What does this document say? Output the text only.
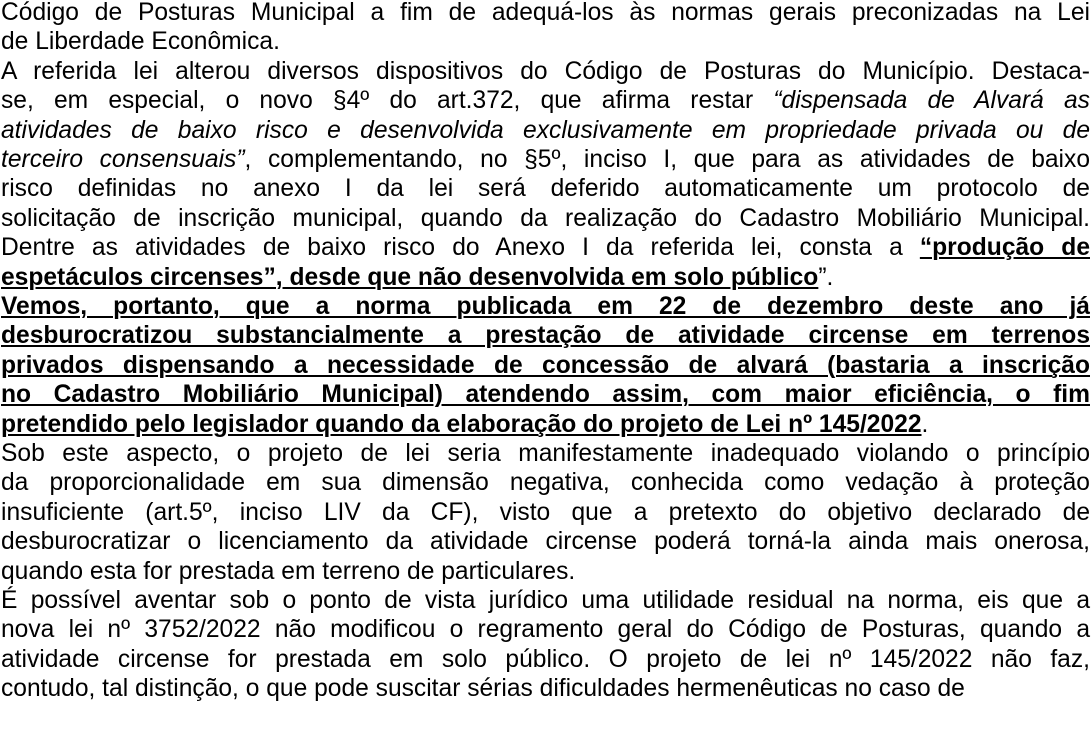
Código de Posturas Municipal a fim de adequá-los às normas gerais preconizadas na Lei
de Liberdade Econômica.
A referida lei alterou diversos dispositivos do Código de Posturas do Município. Destaca-
se, em especial, o novo §4º do art.372, que afirma restar “dispensada de Alvará as
atividades de baixo risco e desenvolvida exclusivamente em propriedade privada ou de
terceiro consensuais”, complementando, no §5º, inciso I, que para as atividades de baixo
risco definidas no anexo I da lei será deferido automaticamente um protocolo de
solicitação de inscrição municipal, quando da realização do Cadastro Mobiliário Municipal.
Dentre as atividades de baixo risco do Anexo I da referida lei, consta a “produção de
espetáculos circenses”, desde que não desenvolvida em solo público”.
Vemos, portanto, que a norma publicada em 22 de dezembro deste ano já
desburocratizou substancialmente a prestação de atividade circense em terrenos
privados dispensando a necessidade de concessão de alvará (bastaria a inscrição
no Cadastro Mobiliário Municipal) atendendo assim, com maior eficiência, o fim
pretendido pelo legislador quando da elaboração do projeto de Lei nº 145/2022.
Sob este aspecto, o projeto de lei seria manifestamente inadequado violando o princípio
da proporcionalidade em sua dimensão negativa, conhecida como vedação à proteção
insuficiente (art.5º, inciso LIV da CF), visto que a pretexto do objetivo declarado de
desburocratizar o licenciamento da atividade circense poderá torná-la ainda mais onerosa,
quando esta for prestada em terreno de particulares.
É possível aventar sob o ponto de vista jurídico uma utilidade residual na norma, eis que a
nova lei nº 3752/2022 não modificou o regramento geral do Código de Posturas, quando a
atividade circense for prestada em solo público. O projeto de lei nº 145/2022 não faz,
contudo, tal distinção, o que pode suscitar sérias dificuldades hermenêuticas no caso de
